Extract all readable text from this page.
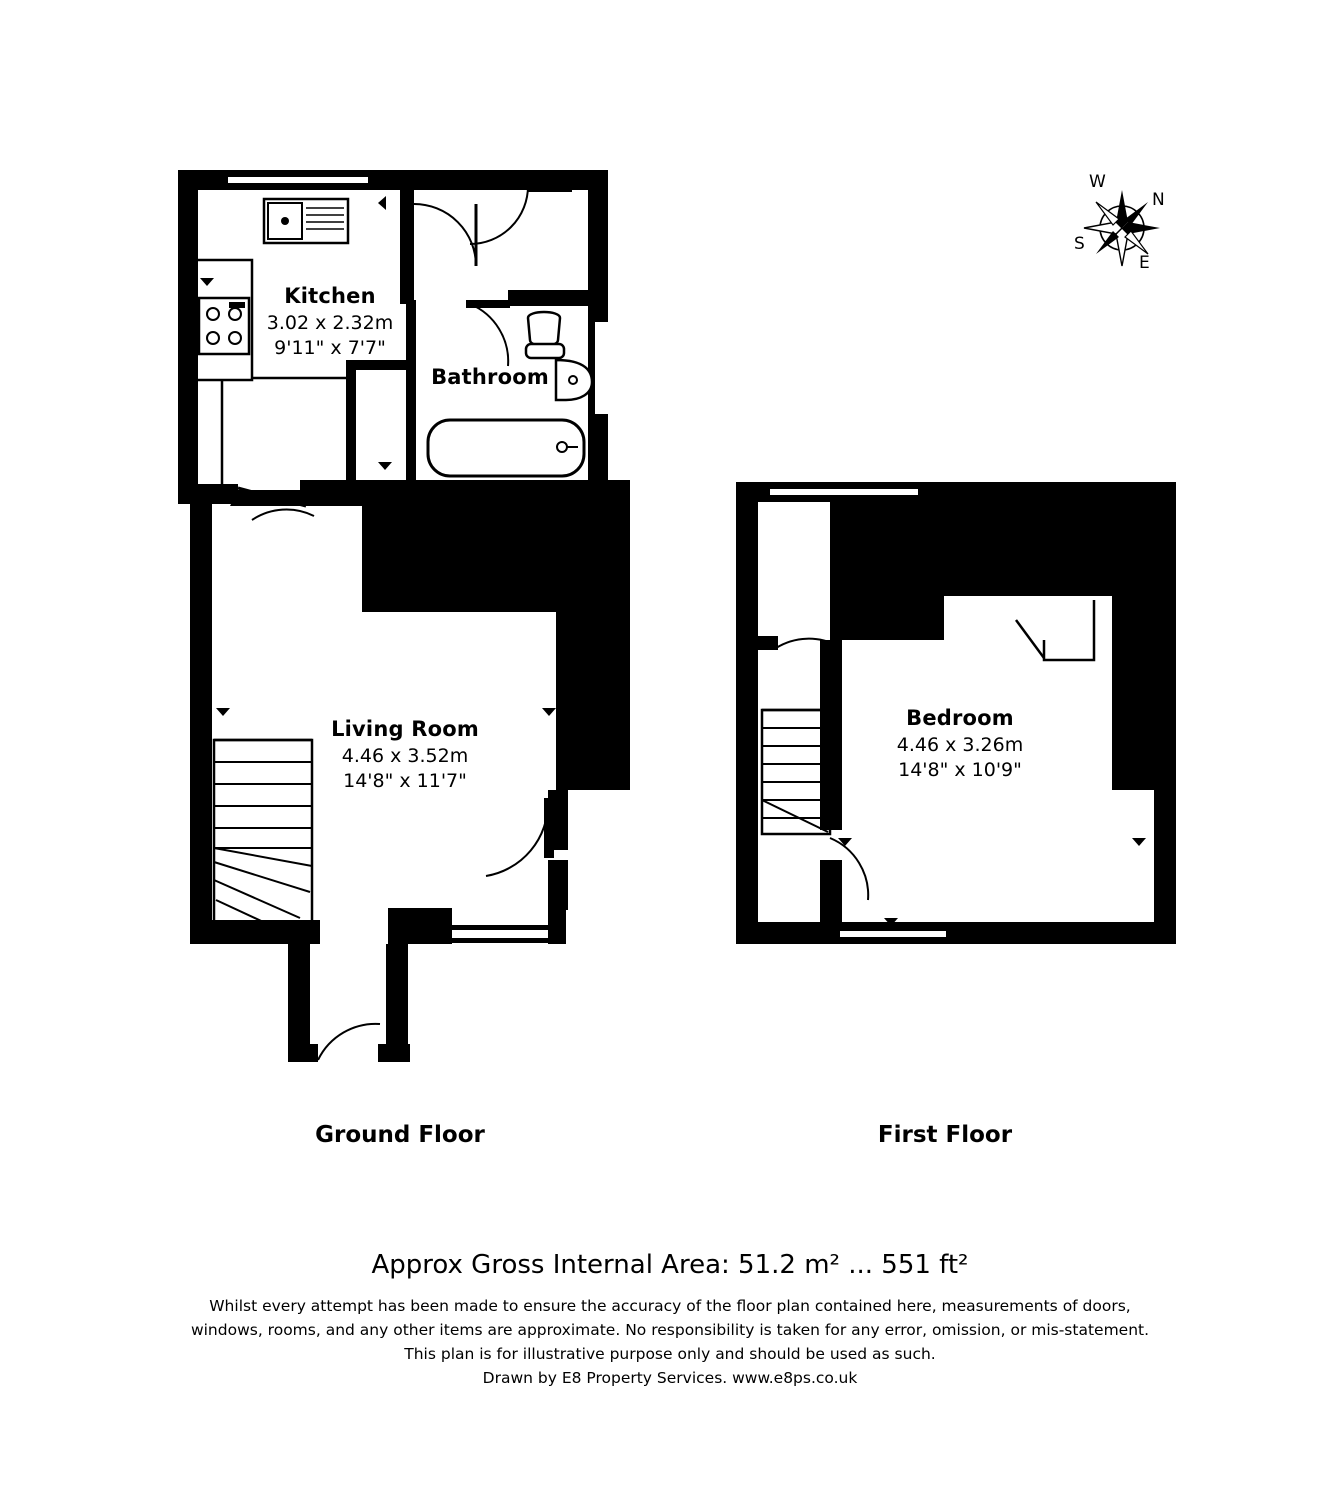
Kitchen
3.02 x 2.32m
9'11" x 7'7"
Bathroom
Living Room
4.46 x 3.52m
14'8" x 11'7"
Bedroom
4.46 x 3.26m
14'8" x 10'9"
Ground Floor	First Floor
N
E
S
W
Approx Gross Internal Area: 51.2 m² ... 551 ft²
Whilst every attempt has been made to ensure the accuracy of the floor plan contained here, measurements of doors,
windows, rooms, and any other items are approximate. No responsibility is taken for any error, omission, or mis-statement.
This plan is for illustrative purpose only and should be used as such.
Drawn by E8 Property Services. www.e8ps.co.uk
